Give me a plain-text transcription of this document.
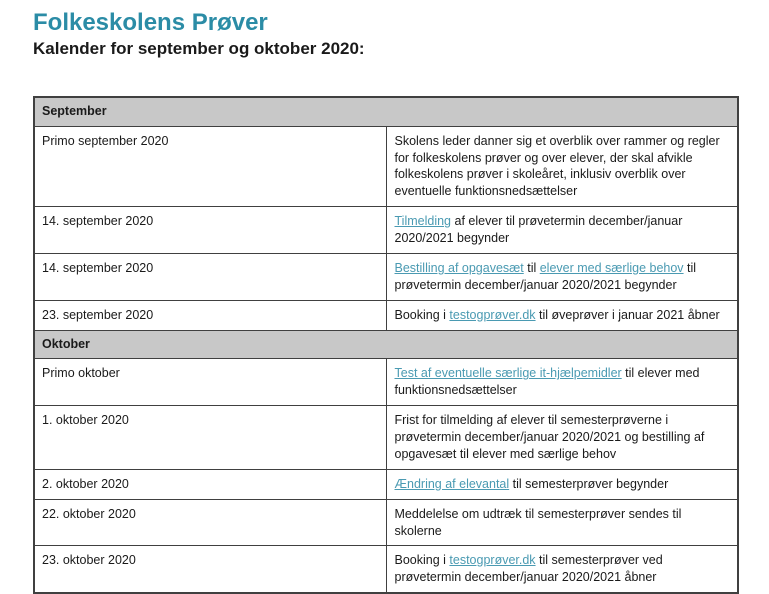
Folkeskolens Prøver
Kalender for september og oktober 2020:
September	
Primo september 2020	Skolens leder danner sig et overblik over rammer og regler for folkeskolens prøver og over elever, der skal afvikle folkeskolens prøver i skoleåret, inklusiv overblik over eventuelle funktionsnedsættelser
14. september 2020	Tilmelding af elever til prøvetermin december/januar 2020/2021 begynder
14. september 2020	Bestilling af opgavesæt til elever med særlige behov til prøvetermin december/januar 2020/2021 begynder
23. september 2020	Booking i testogprøver.dk til øveprøver i januar 2021 åbner
Oktober	
Primo oktober	Test af eventuelle særlige it-hjælpemidler til elever med funktionsnedsættelser
1. oktober 2020	Frist for tilmelding af elever til semesterprøverne i prøvetermin december/januar 2020/2021 og bestilling af opgavesæt til elever med særlige behov
2. oktober 2020	Ændring af elevantal til semesterprøver begynder
22. oktober 2020	Meddelelse om udtræk til semesterprøver sendes til skolerne
23. oktober 2020	Booking i testogprøver.dk til semesterprøver ved prøvetermin december/januar 2020/2021 åbner
